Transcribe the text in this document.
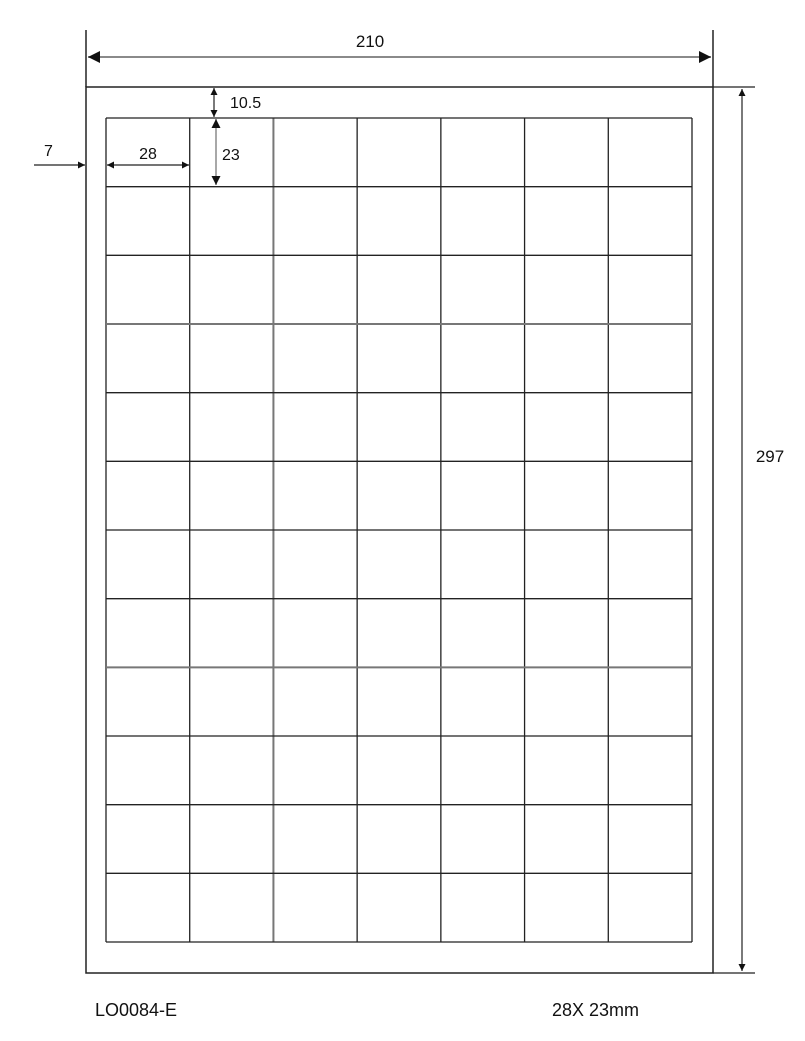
210
297
10.5
7	28	23
LO0084-E	28X 23mm
